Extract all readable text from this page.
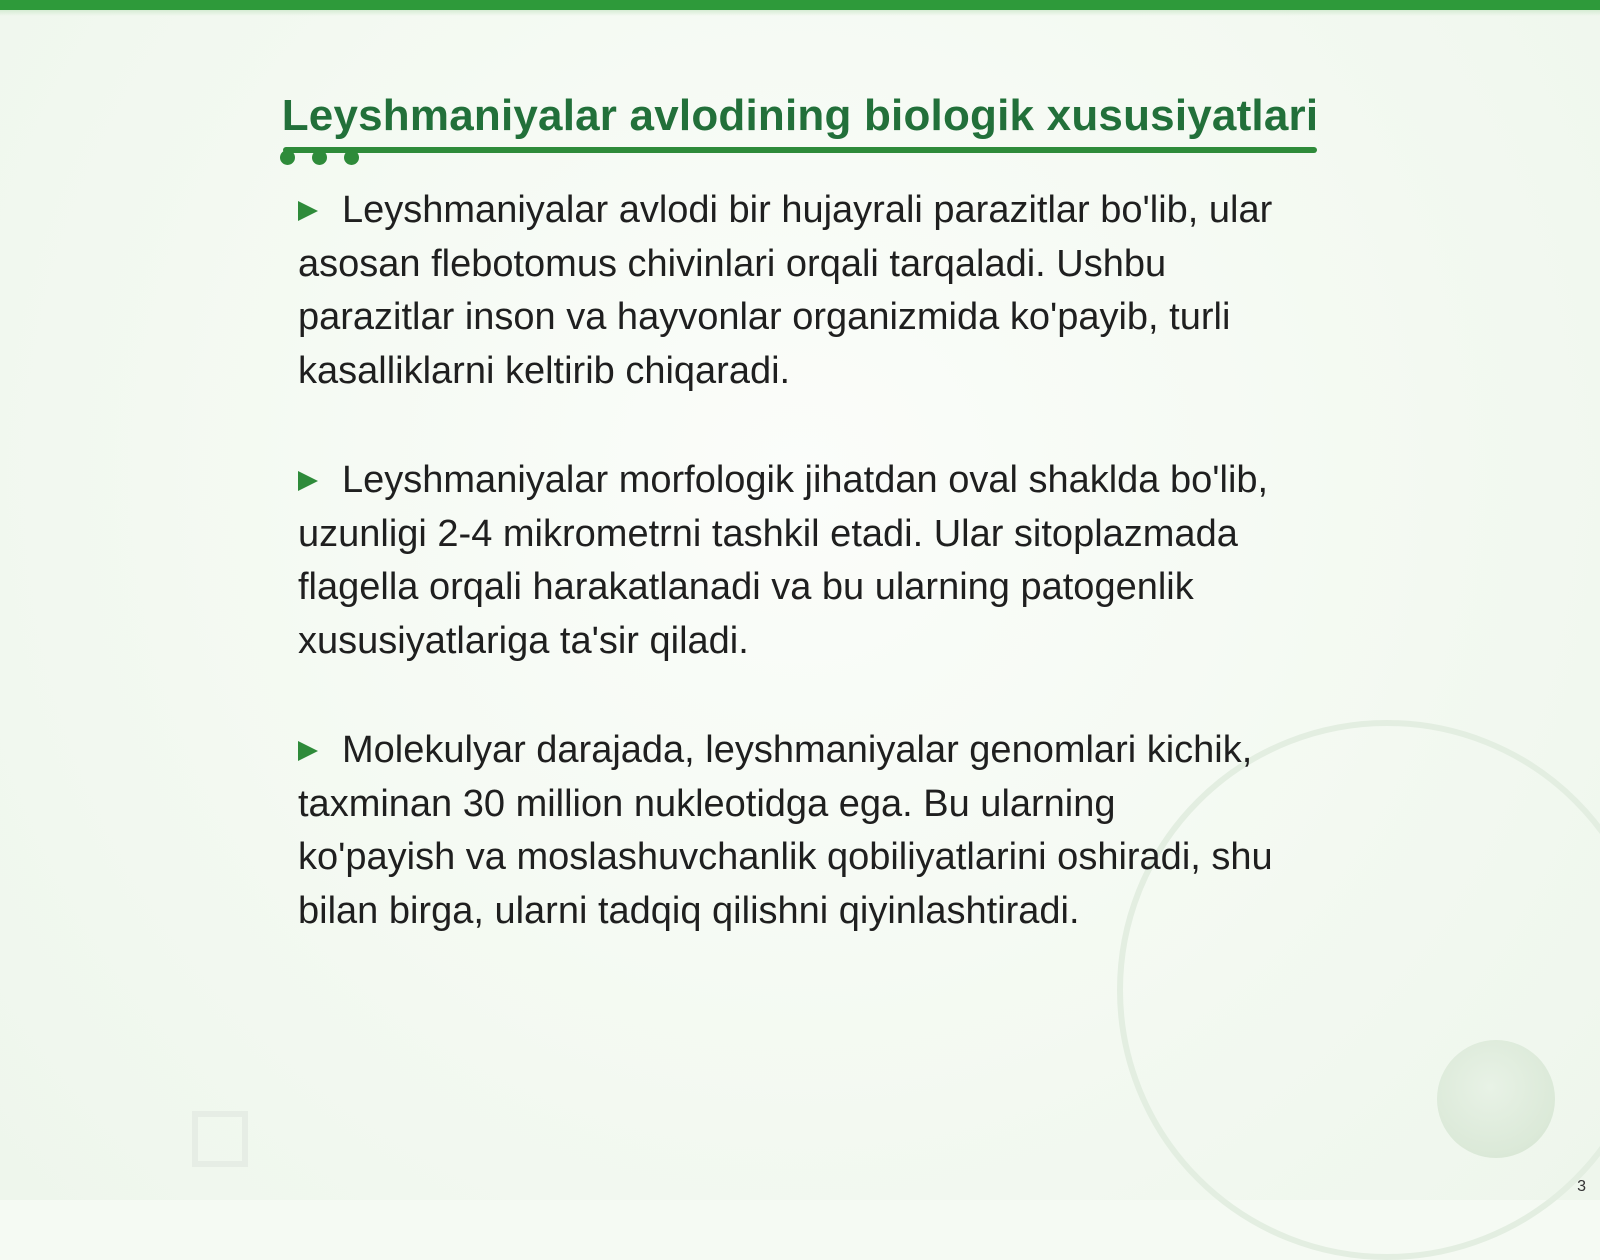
Leyshmaniyalar avlodining biologik xususiyatlari

Leyshmaniyalar avlodi bir hujayrali parazitlar bo'lib, ular asosan flebotomus chivinlari orqali tarqaladi. Ushbu parazitlar inson va hayvonlar organizmida ko'payib, turli kasalliklarni keltirib chiqaradi.

Leyshmaniyalar morfologik jihatdan oval shaklda bo'lib, uzunligi 2-4 mikrometrni tashkil etadi. Ular sitoplazmada flagella orqali harakatlanadi va bu ularning patogenlik xususiyatlariga ta'sir qiladi.

Molekulyar darajada, leyshmaniyalar genomlari kichik, taxminan 30 million nukleotidga ega. Bu ularning ko'payish va moslashuvchanlik qobiliyatlarini oshiradi, shu bilan birga, ularni tadqiq qilishni qiyinlashtiradi.

3
